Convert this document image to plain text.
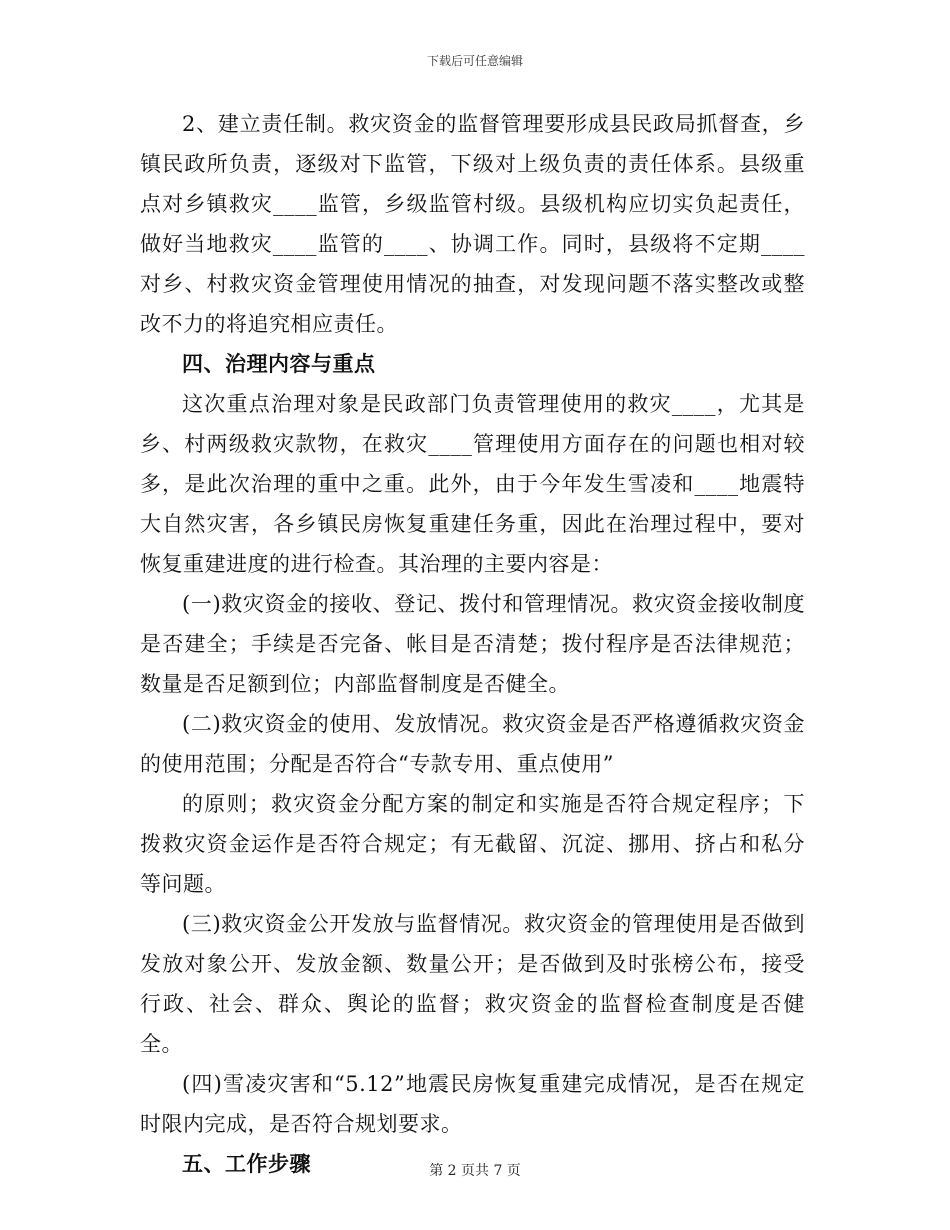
下载后可任意编辑

2、建立责任制。救灾资金的监督管理要形成县民政局抓督查，乡镇民政所负责，逐级对下监管，下级对上级负责的责任体系。县级重点对乡镇救灾____监管，乡级监管村级。县级机构应切实负起责任，做好当地救灾____监管的____、协调工作。同时，县级将不定期____对乡、村救灾资金管理使用情况的抽查，对发现问题不落实整改或整改不力的将追究相应责任。

四、治理内容与重点

这次重点治理对象是民政部门负责管理使用的救灾____，尤其是乡、村两级救灾款物，在救灾____管理使用方面存在的问题也相对较多，是此次治理的重中之重。此外，由于今年发生雪凌和____地震特大自然灾害，各乡镇民房恢复重建任务重，因此在治理过程中，要对恢复重建进度的进行检查。其治理的主要内容是：

(一)救灾资金的接收、登记、拨付和管理情况。救灾资金接收制度是否建全；手续是否完备、帐目是否清楚；拨付程序是否法律规范；数量是否足额到位；内部监督制度是否健全。

(二)救灾资金的使用、发放情况。救灾资金是否严格遵循救灾资金的使用范围；分配是否符合“专款专用、重点使用”

的原则；救灾资金分配方案的制定和实施是否符合规定程序；下拨救灾资金运作是否符合规定；有无截留、沉淀、挪用、挤占和私分等问题。

(三)救灾资金公开发放与监督情况。救灾资金的管理使用是否做到发放对象公开、发放金额、数量公开；是否做到及时张榜公布，接受行政、社会、群众、舆论的监督；救灾资金的监督检查制度是否健全。

(四)雪凌灾害和“5.12”地震民房恢复重建完成情况，是否在规定时限内完成，是否符合规划要求。

五、工作步骤	第 2 页共 7 页
